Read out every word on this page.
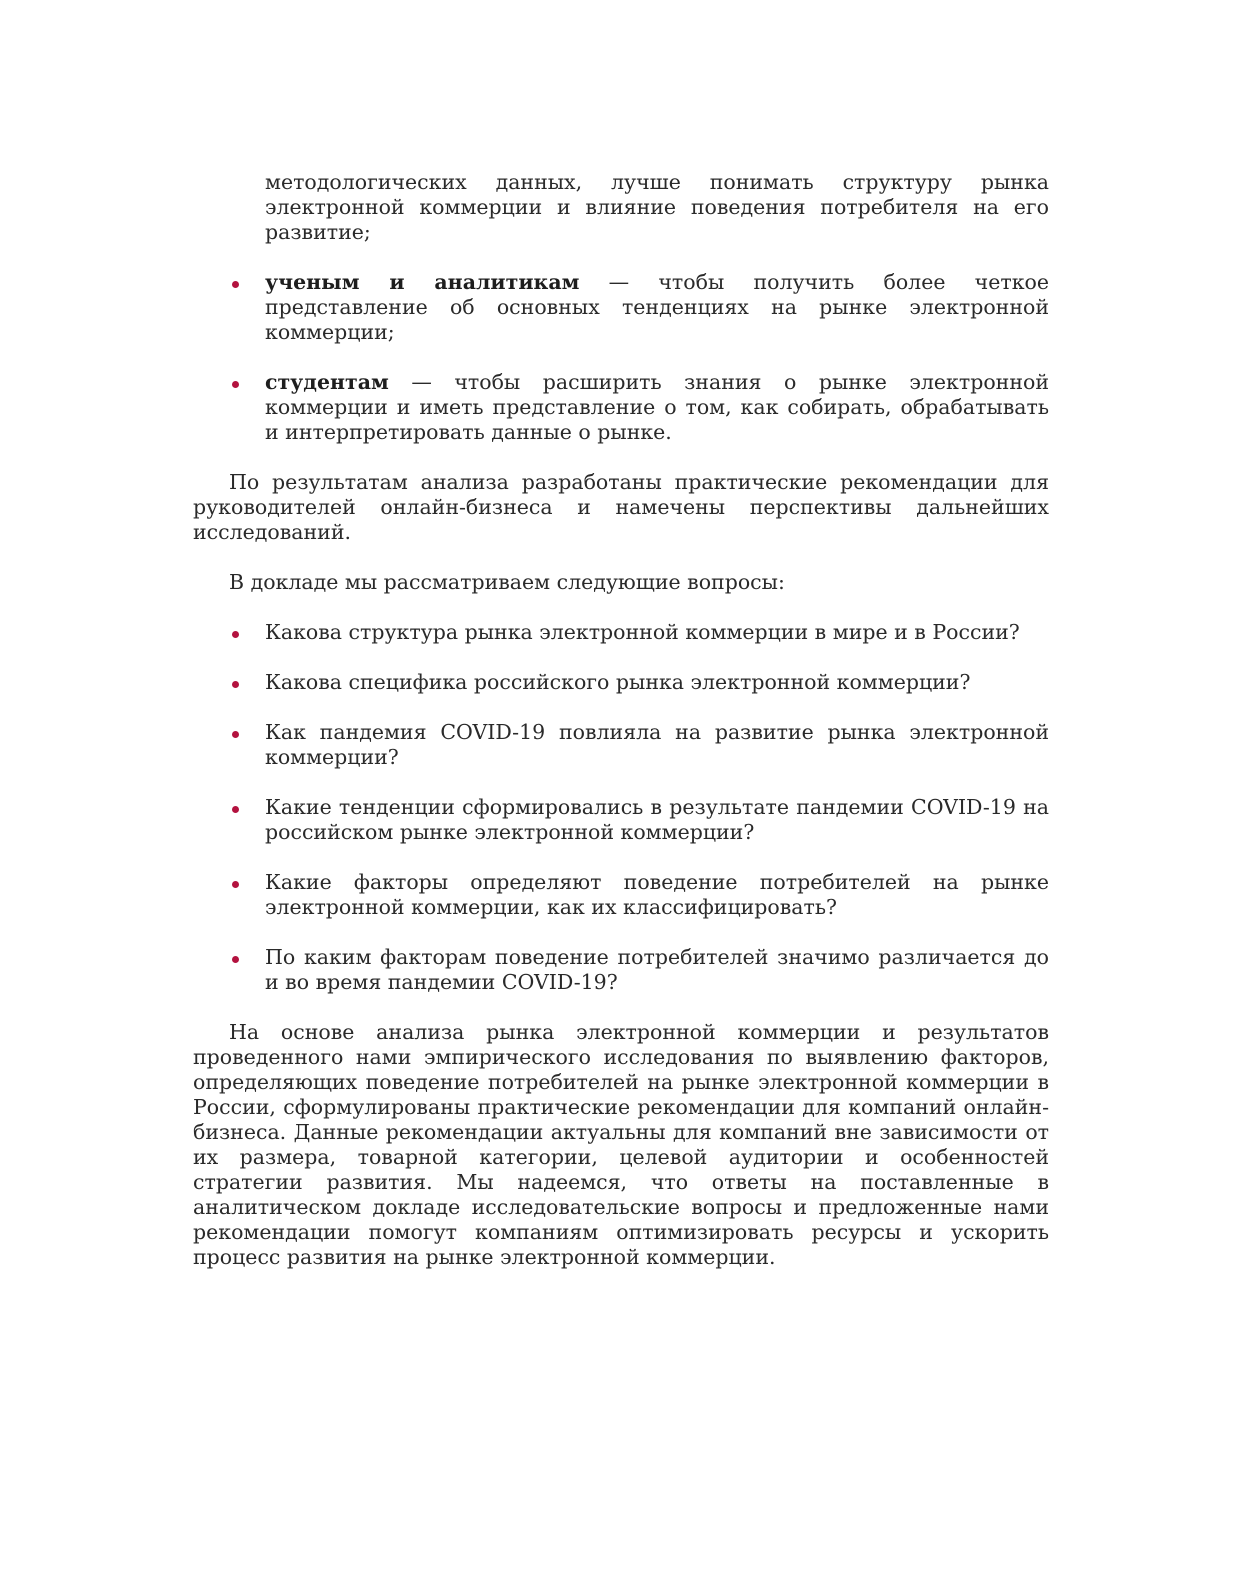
методологических данных, лучше понимать структуру рынка электронной коммерции и влияние поведения потребителя на его развитие;

ученым и аналитикам — чтобы получить более четкое представление об основных тенденциях на рынке электронной коммерции;
студентам — чтобы расширить знания о рынке электронной коммерции и иметь представление о том, как собирать, обрабатывать и интерпретировать данные о рынке.

По результатам анализа разработаны практические рекомендации для руководителей онлайн-бизнеса и намечены перспективы дальнейших исследований.

В докладе мы рассматриваем следующие вопросы:

Какова структура рынка электронной коммерции в мире и в России?
Какова специфика российского рынка электронной коммерции?
Как пандемия COVID-19 повлияла на развитие рынка электронной коммерции?
Какие тенденции сформировались в результате пандемии COVID-19 на российском рынке электронной коммерции?
Какие факторы определяют поведение потребителей на рынке электронной коммерции, как их классифицировать?
По каким факторам поведение потребителей значимо различается до и во время пандемии COVID-19?

На основе анализа рынка электронной коммерции и результатов проведенного нами эмпирического исследования по выявлению факторов, определяющих поведение потребителей на рынке электронной коммерции в России, сформулированы практические рекомендации для компаний онлайн-бизнеса. Данные рекомендации актуальны для компаний вне зависимости от их размера, товарной категории, целевой аудитории и особенностей стратегии развития. Мы надеемся, что ответы на поставленные в аналитическом докладе исследовательские вопросы и предложенные нами рекомендации помогут компаниям оптимизировать ресурсы и ускорить процесс развития на рынке электронной коммерции.
